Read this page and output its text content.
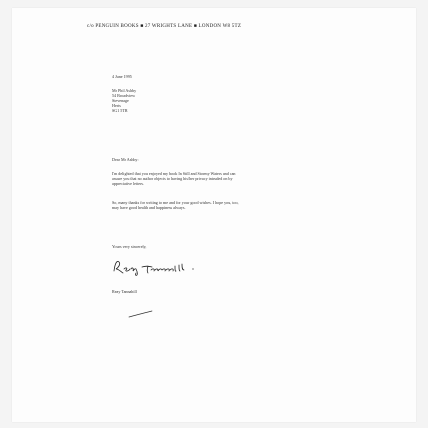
c/o PENGUIN BOOKS ■ 27 WRIGHTS LANE ■ LONDON W8 5TZ
4 June 1995
Mr Phil Ashby
54 Broadview
Stevenage
Herts
SG1 5TR
Dear Mr Ashby:
I'm delighted that you enjoyed my book In Still and Stormy Waters and can
assure you that no author objects to having his/her privacy intruded on by
appreciative letters.
So, many thanks for writing to me and for your good wishes. I hope you, too,
may have good health and happiness always.
Yours very sincerely,
Reay Tannahill
